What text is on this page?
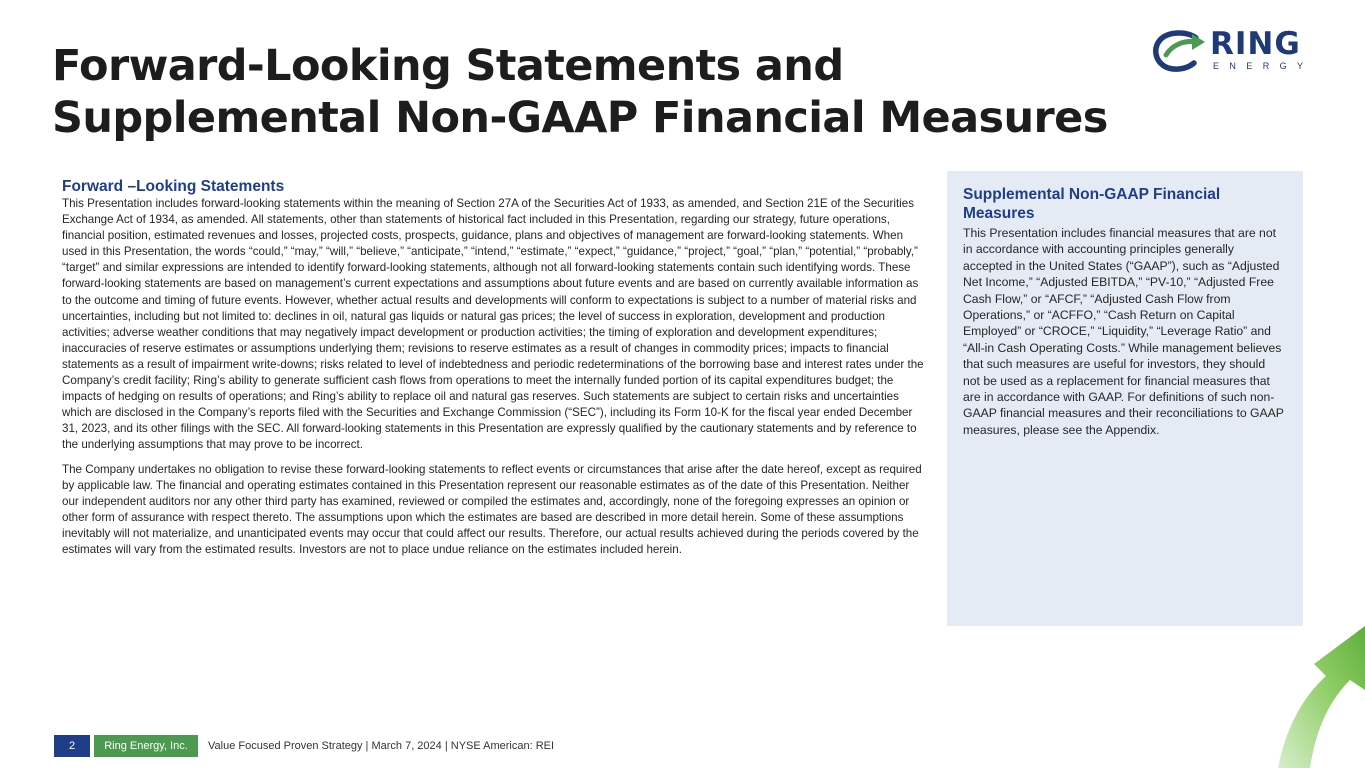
Forward-Looking Statements and
Supplemental Non-GAAP Financial Measures
RING
ENERGY
Forward –Looking Statements

This Presentation includes forward-looking statements within the meaning of Section 27A of the Securities Act of 1933, as amended, and Section 21E of the Securities Exchange Act of 1934, as amended. All statements, other than statements of historical fact included in this Presentation, regarding our strategy, future operations, financial position, estimated revenues and losses, projected costs, prospects, guidance, plans and objectives of management are forward-looking statements. When used in this Presentation, the words “could,” “may,” “will,” “believe,” “anticipate,” “intend,” “estimate,” “expect,” “guidance,” “project,” “goal,” “plan,” “potential,” “probably,” “target” and similar expressions are intended to identify forward-looking statements, although not all forward-looking statements contain such identifying words. These forward-looking statements are based on management’s current expectations and assumptions about future events and are based on currently available information as to the outcome and timing of future events. However, whether actual results and developments will conform to expectations is subject to a number of material risks and uncertainties, including but not limited to: declines in oil, natural gas liquids or natural gas prices; the level of success in exploration, development and production activities; adverse weather conditions that may negatively impact development or production activities; the timing of exploration and development expenditures; inaccuracies of reserve estimates or assumptions underlying them; revisions to reserve estimates as a result of changes in commodity prices; impacts to financial statements as a result of impairment write-downs; risks related to level of indebtedness and periodic redeterminations of the borrowing base and interest rates under the Company’s credit facility; Ring’s ability to generate sufficient cash flows from operations to meet the internally funded portion of its capital expenditures budget; the impacts of hedging on results of operations; and Ring’s ability to replace oil and natural gas reserves. Such statements are subject to certain risks and uncertainties which are disclosed in the Company’s reports filed with the Securities and Exchange Commission (“SEC”), including its Form 10-K for the fiscal year ended December 31, 2023, and its other filings with the SEC. All forward-looking statements in this Presentation are expressly qualified by the cautionary statements and by reference to the underlying assumptions that may prove to be incorrect.

The Company undertakes no obligation to revise these forward-looking statements to reflect events or circumstances that arise after the date hereof, except as required by applicable law. The financial and operating estimates contained in this Presentation represent our reasonable estimates as of the date of this Presentation. Neither our independent auditors nor any other third party has examined, reviewed or compiled the estimates and, accordingly, none of the foregoing expresses an opinion or other form of assurance with respect thereto. The assumptions upon which the estimates are based are described in more detail herein. Some of these assumptions inevitably will not materialize, and unanticipated events may occur that could affect our results. Therefore, our actual results achieved during the periods covered by the estimates will vary from the estimated results. Investors are not to place undue reliance on the estimates included herein.

Supplemental Non-GAAP Financial Measures

This Presentation includes financial measures that are not in accordance with accounting principles generally accepted in the United States (“GAAP”), such as “Adjusted Net Income,” “Adjusted EBITDA,” “PV-10,” “Adjusted Free Cash Flow,” or “AFCF,” “Adjusted Cash Flow from Operations,” or “ACFFO,” “Cash Return on Capital Employed” or “CROCE,” “Liquidity,” “Leverage Ratio” and “All-in Cash Operating Costs.” While management believes that such measures are useful for investors, they should not be used as a replacement for financial measures that are in accordance with GAAP. For definitions of such non-GAAP financial measures and their reconciliations to GAAP measures, please see the Appendix.

2	Ring Energy, Inc.	Value Focused Proven Strategy | March 7, 2024 | NYSE American: REI
